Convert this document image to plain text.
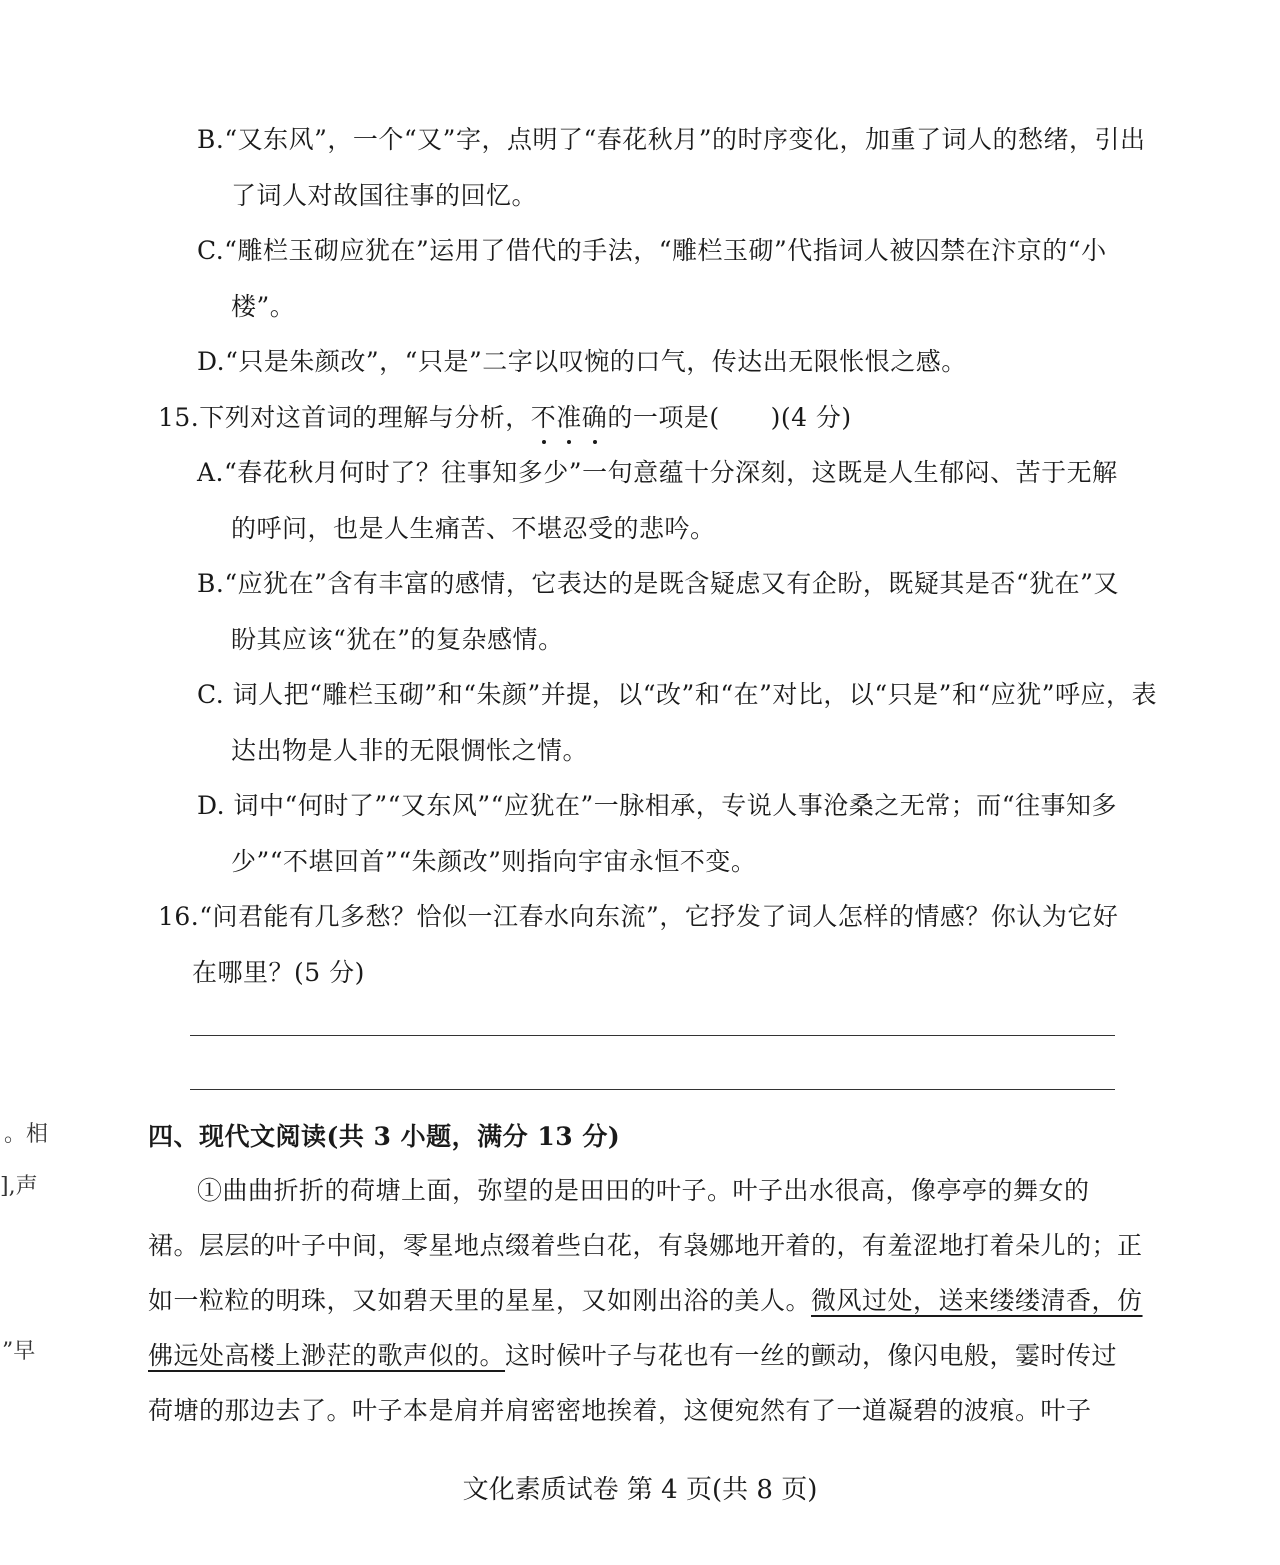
B.“又东风”，一个“又”字，点明了“春花秋月”的时序变化，加重了词人的愁绪，引出
了词人对故国往事的回忆。
C.“雕栏玉砌应犹在”运用了借代的手法，“雕栏玉砌”代指词人被囚禁在汴京的“小
楼”。
D.“只是朱颜改”，“只是”二字以叹惋的口气，传达出无限怅恨之感。
15.下列对这首词的理解与分析，不准确的一项是(　　)(4 分)
A.“春花秋月何时了？往事知多少”一句意蕴十分深刻，这既是人生郁闷、苦于无解
的呼问，也是人生痛苦、不堪忍受的悲吟。
B.“应犹在”含有丰富的感情，它表达的是既含疑虑又有企盼，既疑其是否“犹在”又
盼其应该“犹在”的复杂感情。
C. 词人把“雕栏玉砌”和“朱颜”并提，以“改”和“在”对比，以“只是”和“应犹”呼应，表
达出物是人非的无限惆怅之情。
D. 词中“何时了”“又东风”“应犹在”一脉相承，专说人事沧桑之无常；而“往事知多
少”“不堪回首”“朱颜改”则指向宇宙永恒不变。
16.“问君能有几多愁？恰似一江春水向东流”，它抒发了词人怎样的情感？你认为它好
在哪里？(5 分)
四、现代文阅读(共 3 小题，满分 13 分)
①曲曲折折的荷塘上面，弥望的是田田的叶子。叶子出水很高，像亭亭的舞女的
裙。层层的叶子中间，零星地点缀着些白花，有袅娜地开着的，有羞涩地打着朵儿的；正
如一粒粒的明珠，又如碧天里的星星，又如刚出浴的美人。微风过处，送来缕缕清香，仿
佛远处高楼上渺茫的歌声似的。这时候叶子与花也有一丝的颤动，像闪电般，霎时传过
荷塘的那边去了。叶子本是肩并肩密密地挨着，这便宛然有了一道凝碧的波痕。叶子
。相
],声
”早
文化素质试卷 第 4 页(共 8 页)
